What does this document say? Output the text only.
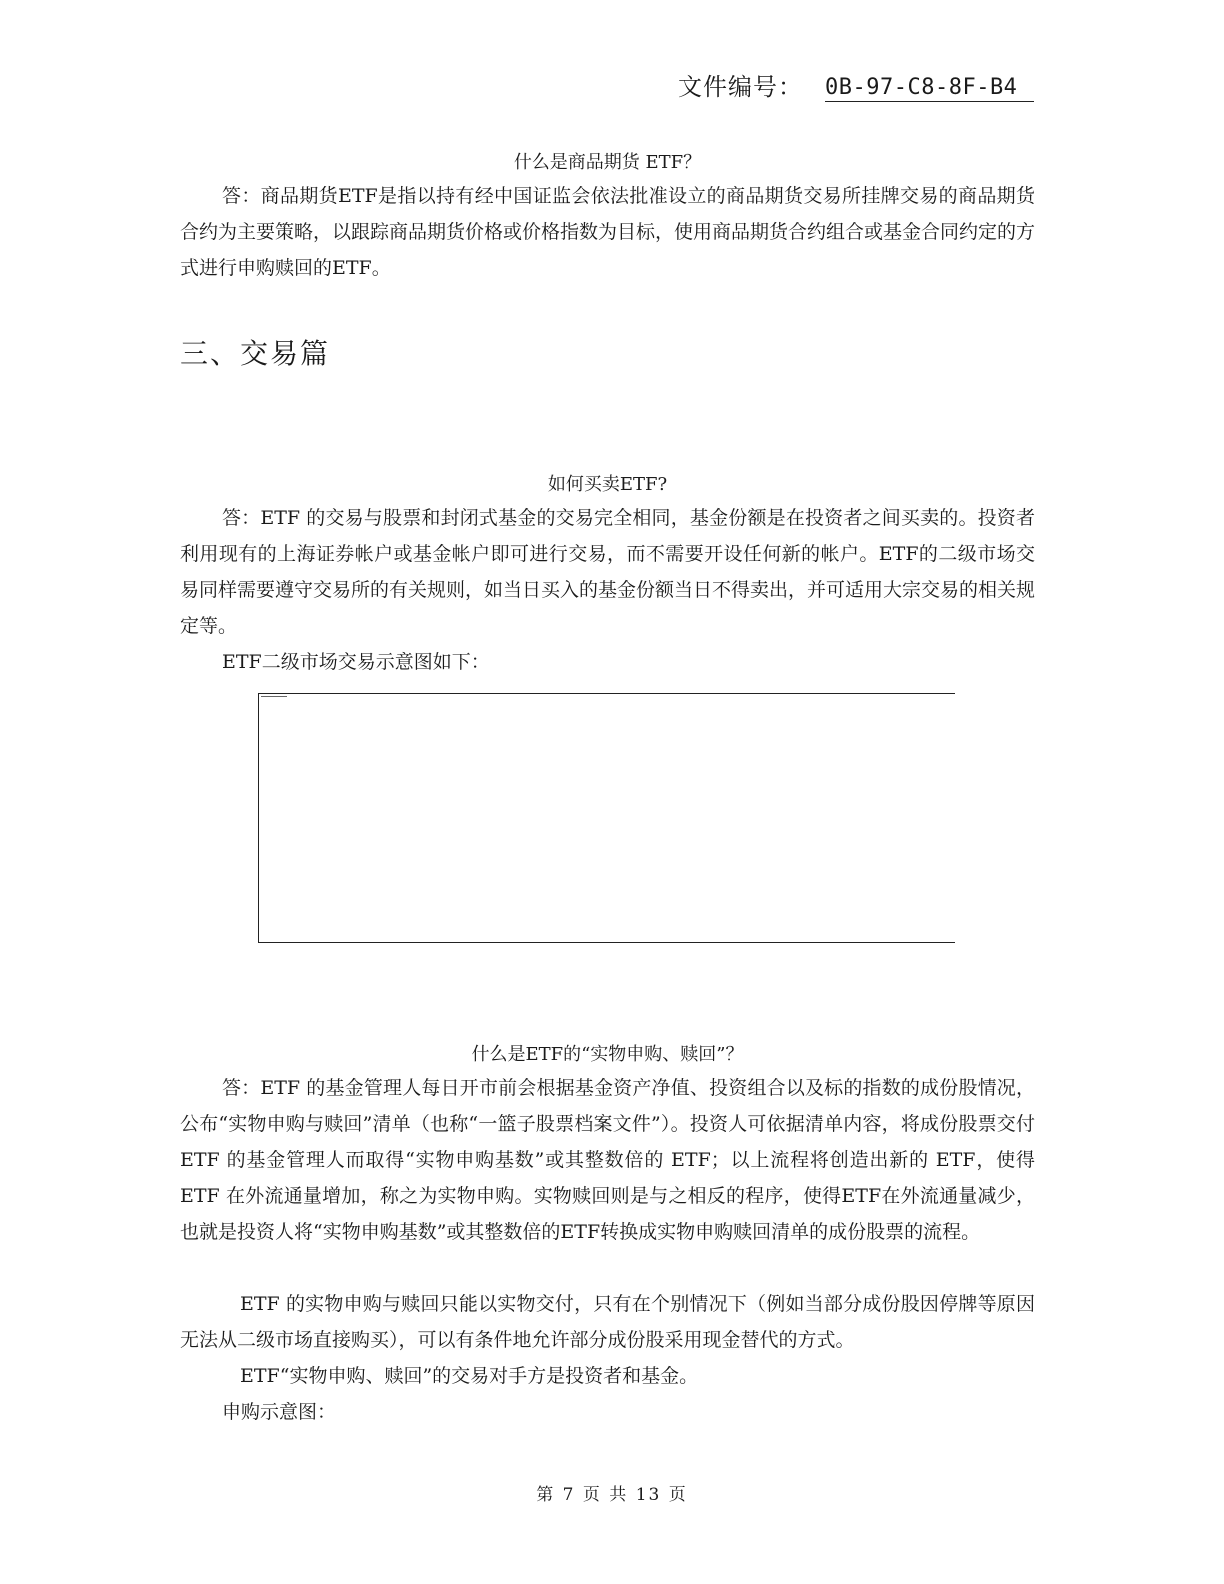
文件编号： 0B-97-C8-8F-B4
什么是商品期货 ETF？
答：商品期货ETF是指以持有经中国证监会依法批准设立的商品期货交易所挂牌交易的商品期货合约为主要策略，以跟踪商品期货价格或价格指数为目标，使用商品期货合约组合或基金合同约定的方式进行申购赎回的ETF。
三、交易篇
如何买卖ETF?
答：ETF 的交易与股票和封闭式基金的交易完全相同，基金份额是在投资者之间买卖的。投资者利用现有的上海证券帐户或基金帐户即可进行交易，而不需要开设任何新的帐户。ETF的二级市场交易同样需要遵守交易所的有关规则，如当日买入的基金份额当日不得卖出，并可适用大宗交易的相关规定等。
ETF二级市场交易示意图如下：
什么是ETF的“实物申购、赎回”？
答：ETF 的基金管理人每日开市前会根据基金资产净值、投资组合以及标的指数的成份股情况，公布“实物申购与赎回”清单（也称“一篮子股票档案文件”）。投资人可依据清单内容，将成份股票交付 ETF 的基金管理人而取得“实物申购基数”或其整数倍的 ETF；以上流程将创造出新的 ETF，使得 ETF 在外流通量增加，称之为实物申购。实物赎回则是与之相反的程序，使得ETF在外流通量减少，也就是投资人将“实物申购基数”或其整数倍的ETF转换成实物申购赎回清单的成份股票的流程。
ETF 的实物申购与赎回只能以实物交付，只有在个别情况下（例如当部分成份股因停牌等原因无法从二级市场直接购买），可以有条件地允许部分成份股采用现金替代的方式。
ETF“实物申购、赎回”的交易对手方是投资者和基金。
申购示意图：
第 7 页 共 13 页
